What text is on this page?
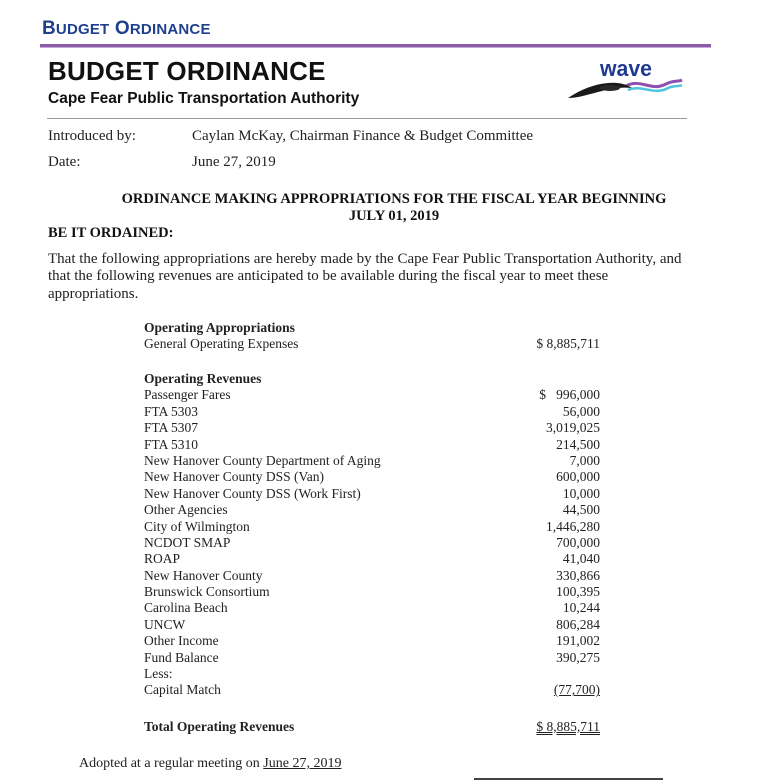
BUDGET ORDINANCE
BUDGET ORDINANCE
Cape Fear Public Transportation Authority
wave
Introduced by:	Caylan McKay, Chairman Finance & Budget Committee
Date:	June 27, 2019
ORDINANCE MAKING APPROPRIATIONS FOR THE FISCAL YEAR BEGINNING
JULY 01, 2019
BE IT ORDAINED:
That the following appropriations are hereby made by the Cape Fear Public Transportation Authority, and that the following revenues are anticipated to be available during the fiscal year to meet these appropriations.
Operating Appropriations
General Operating Expenses	$ 8,885,711
Operating Revenues
Passenger Fares	$ 996,000
FTA 5303	56,000
FTA 5307	3,019,025
FTA 5310	214,500
New Hanover County Department of Aging	7,000
New Hanover County DSS (Van)	600,000
New Hanover County DSS (Work First)	10,000
Other Agencies	44,500
City of Wilmington	1,446,280
NCDOT SMAP	700,000
ROAP	41,040
New Hanover County	330,866
Brunswick Consortium	100,395
Carolina Beach	10,244
UNCW	806,284
Other Income	191,002
Fund Balance	390,275
Less:
Capital Match	(77,700)
Total Operating Revenues	$ 8,885,711
Adopted at a regular meeting on June 27, 2019
